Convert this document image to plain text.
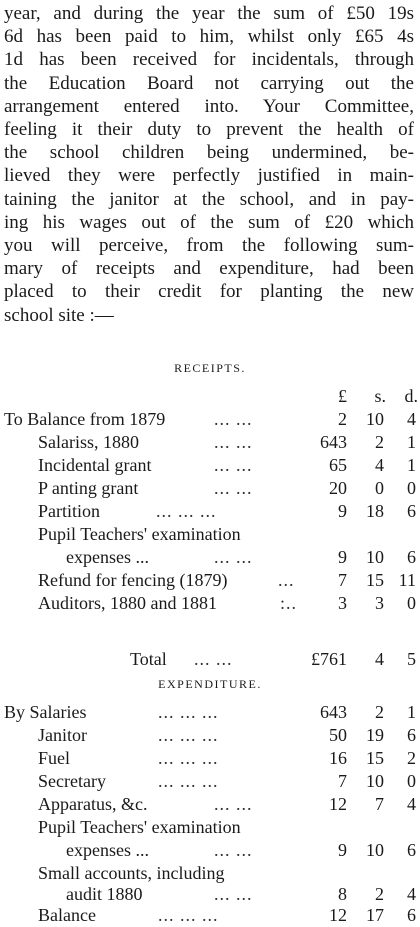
year, and during the year the sum of £50 19s
6d has been paid to him, whilst only £65 4s
1d has been received for incidentals, through
the Education Board not carrying out the
arrangement entered into. Your Committee,
feeling it their duty to prevent the health of
the school children being undermined, be-
lieved they were perfectly justified in main-
taining the janitor at the school, and in pay-
ing his wages out of the sum of £20 which
you will perceive, from the following sum-
mary of receipts and expenditure, had been
placed to their credit for planting the new
school site :—
RECEIPTS.
£ s. d.
To Balance from 1879	... ...	2 10 4
Salariss, 1880	... ...	643 2 1
Incidental grant	... ...	65 4 1
P anting grant	... ...	20 0 0
Partition	... ... ...	9 18 6
Pupil Teachers' examination
expenses ...	... ...	9 10 6
Refund for fencing (1879)	... 7 15 11
Auditors, 1880 and 1881	:.. 3 3 0
Total ... ...	£761 4 5
EXPENDITURE.
By Salaries	... ... ...	643 2 1
Janitor	... ... ...	50 19 6
Fuel	... ... ...	16 15 2
Secretary	... ... ...	7 10 0
Apparatus, &c.	... ...	12 7 4
Pupil Teachers' examination
expenses ...	... ...	9 10 6
Small accounts, including
audit 1880	... ...	8 2 4
Balance	... ... ...	12 17 6
